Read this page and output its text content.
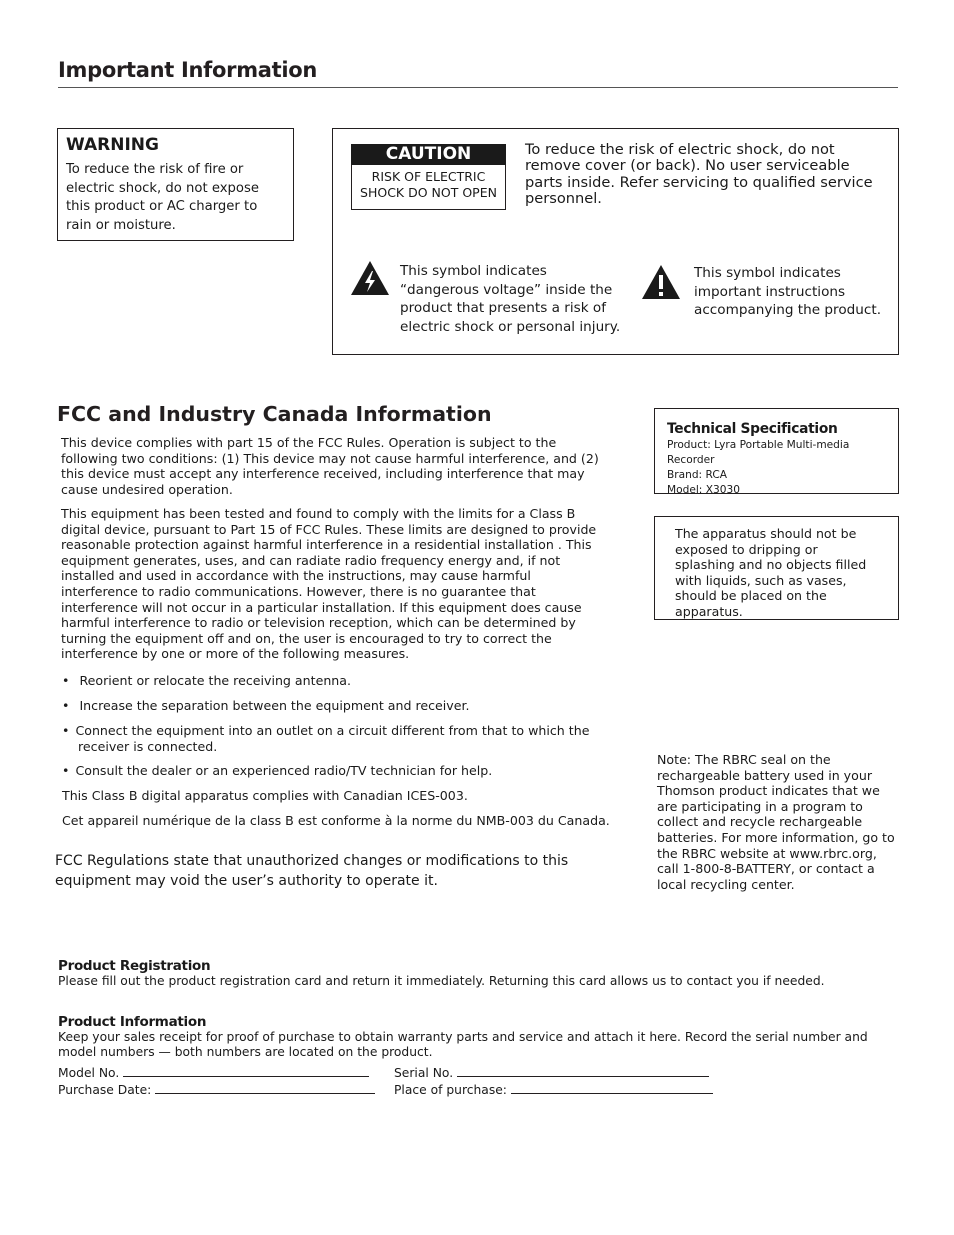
Important Information
WARNING
To reduce the risk of fire or electric shock, do not expose this product or AC charger to rain or moisture.
CAUTION
RISK OF ELECTRIC SHOCK DO NOT OPEN
To reduce the risk of electric shock, do not remove cover (or back). No user serviceable parts inside. Refer servicing to qualified service personnel.
This symbol indicates “dangerous voltage” inside the product that presents a risk of electric shock or personal injury.
This symbol indicates important instructions accompanying the product.
FCC and Industry Canada Information
This device complies with part 15 of the FCC Rules. Operation is subject to the following two conditions: (1) This device may not cause harmful interference, and (2) this device must accept any interference received, including interference that may cause undesired operation.
This equipment has been tested and found to comply with the limits for a Class B digital device, pursuant to Part 15 of FCC Rules. These limits are designed to provide reasonable protection against harmful interference in a residential installation . This equipment generates, uses, and can radiate radio frequency energy and, if not installed and used in accordance with the instructions, may cause harmful interference to radio communications. However, there is no guarantee that interference will not occur in a particular installation. If this equipment does cause harmful interference to radio or television reception, which can be determined by turning the equipment off and on, the user is encouraged to try to correct the interference by one or more of the following measures.
• Reorient or relocate the receiving antenna.
• Increase the separation between the equipment and receiver.
• Connect the equipment into an outlet on a circuit different from that to which the receiver is connected.
• Consult the dealer or an experienced radio/TV technician for help.
This Class B digital apparatus complies with Canadian ICES-003.
Cet appareil numérique de la class B est conforme à la norme du NMB-003 du Canada.
FCC Regulations state that unauthorized changes or modifications to this equipment may void the user’s authority to operate it.
Technical Specification
Product: Lyra Portable Multi-media Recorder
Brand: RCA
Model: X3030
The apparatus should not be exposed to dripping or splashing and no objects filled with liquids, such as vases, should be placed on the apparatus.
Note: The RBRC seal on the rechargeable battery used in your Thomson product indicates that we are participating in a program to collect and recycle rechargeable batteries. For more information, go to the RBRC website at www.rbrc.org, call 1-800-8-BATTERY, or contact a local recycling center.
Product Registration
Please fill out the product registration card and return it immediately. Returning this card allows us to contact you if needed.
Product Information
Keep your sales receipt for proof of purchase to obtain warranty parts and service and attach it here. Record the serial number and model numbers — both numbers are located on the product.
Model No.	Serial No.
Purchase Date:	Place of purchase:
